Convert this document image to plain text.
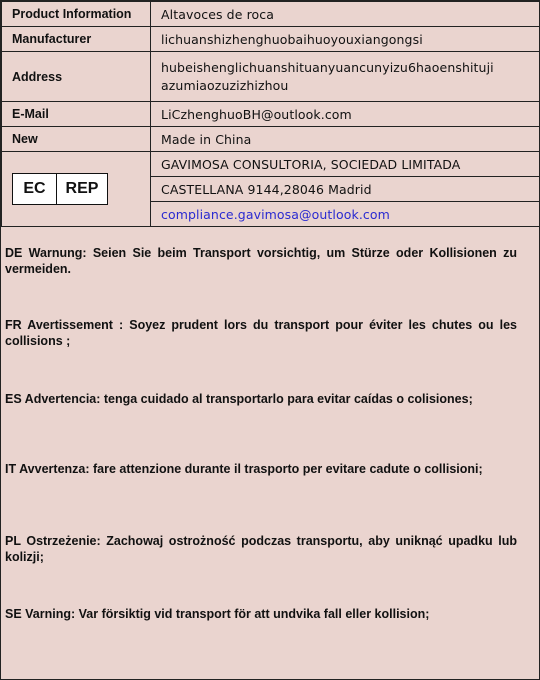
Product Information	Altavoces de roca
Manufacturer	lichuanshizhenghuobaihuoyouxiangongsi
Address	hubeishenglichuanshituanyuancunyizu6haoenshituji
azumiaozuzizhizhou

E-Mail	LiCzhenghuoBH@outlook.com
New	Made in China

EC REP	GAVIMOSA CONSULTORIA, SOCIEDAD LIMITADA
	CASTELLANA 9144,28046 Madrid
	compliance.gavimosa@outlook.com

DE Warnung: Seien Sie beim Transport vorsichtig, um Stürze oder Kollisionen zu vermeiden.

FR Avertissement : Soyez prudent lors du transport pour éviter les chutes ou les collisions ;

ES Advertencia: tenga cuidado al transportarlo para evitar caídas o colisiones;

IT Avvertenza: fare attenzione durante il trasporto per evitare cadute o collisioni;

PL Ostrzeżenie: Zachowaj ostrożność podczas transportu, aby uniknąć upadku lub kolizji;

SE Varning: Var försiktig vid transport för att undvika fall eller kollision;
